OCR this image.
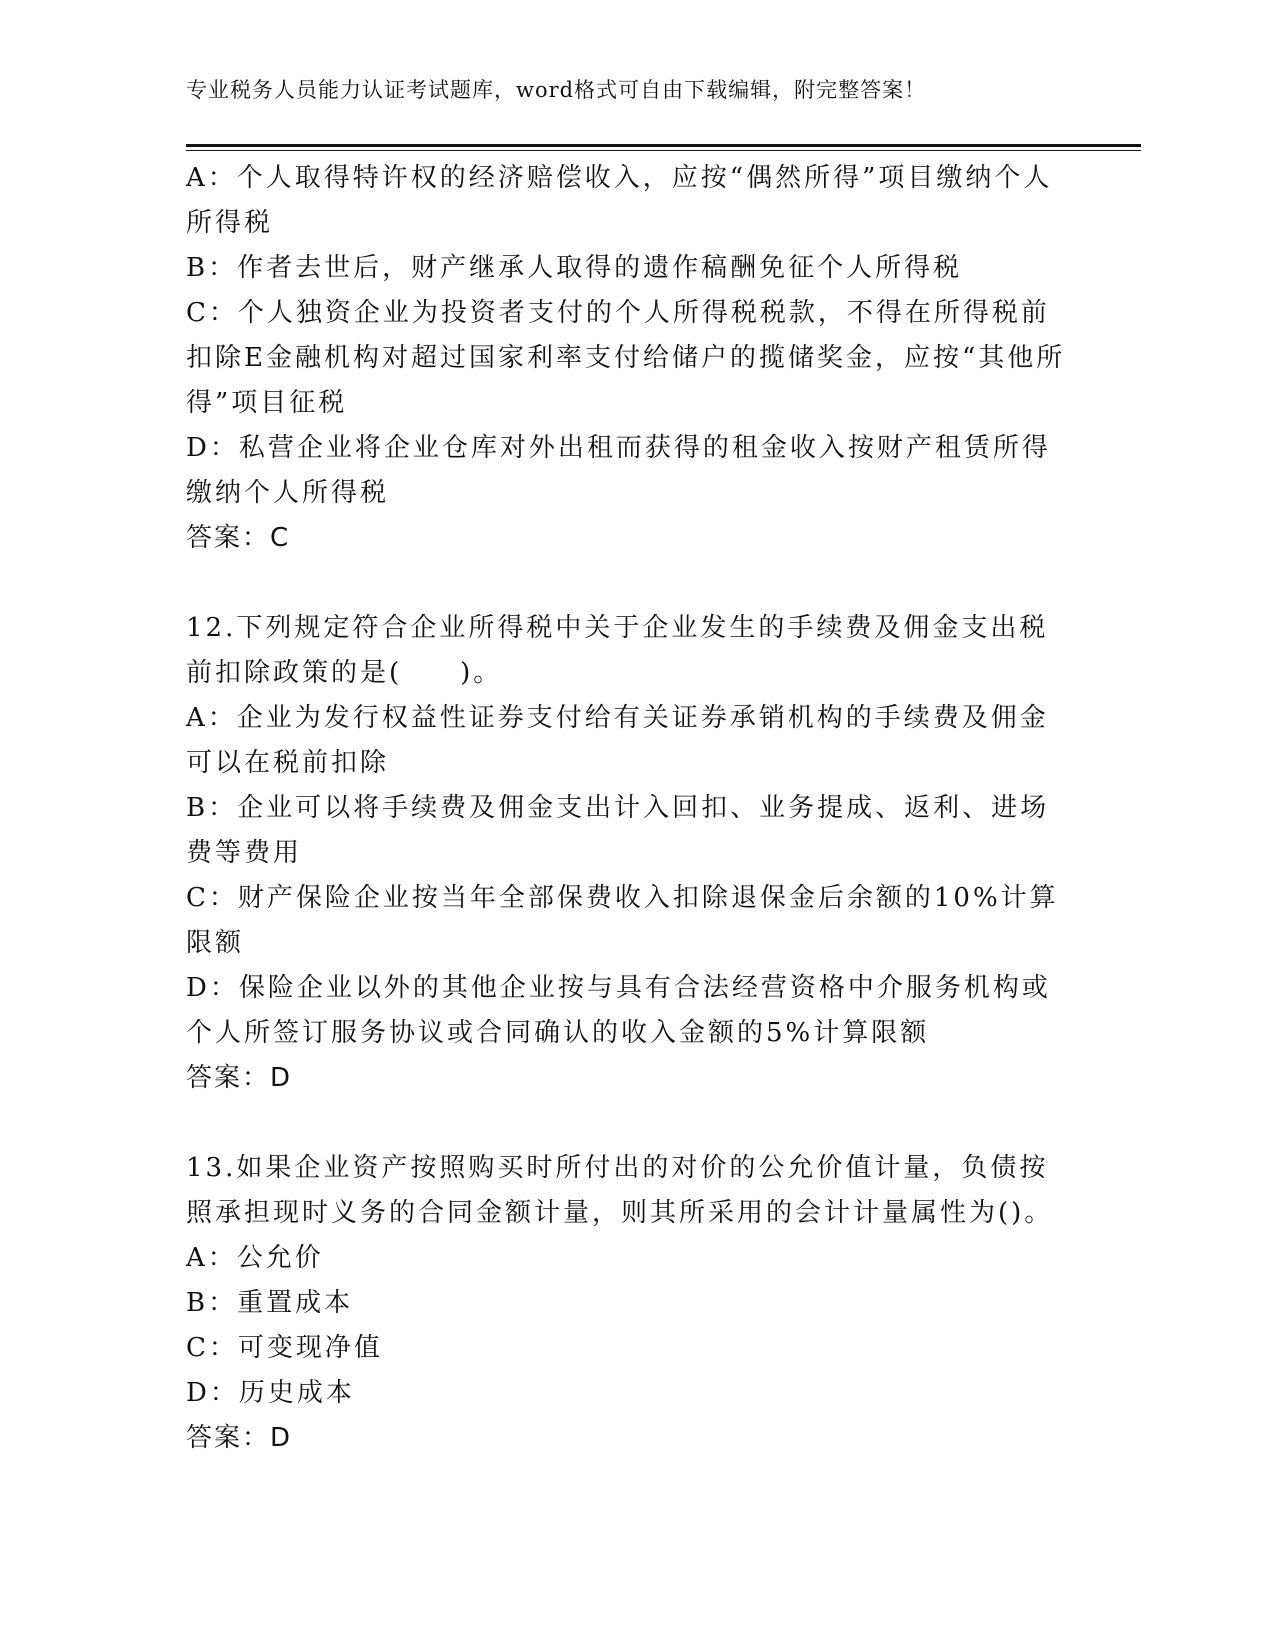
专业税务人员能力认证考试题库，word格式可自由下载编辑，附完整答案！
A：个人取得特许权的经济赔偿收入，应按“偶然所得”项目缴纳个人所得税
B：作者去世后，财产继承人取得的遗作稿酬免征个人所得税
C：个人独资企业为投资者支付的个人所得税税款，不得在所得税前扣除E金融机构对超过国家利率支付给储户的揽储奖金，应按“其他所得”项目征税
D：私营企业将企业仓库对外出租而获得的租金收入按财产租赁所得缴纳个人所得税
答案：C
12.下列规定符合企业所得税中关于企业发生的手续费及佣金支出税前扣除政策的是(　　)。
A：企业为发行权益性证券支付给有关证券承销机构的手续费及佣金可以在税前扣除
B：企业可以将手续费及佣金支出计入回扣、业务提成、返利、进场费等费用
C：财产保险企业按当年全部保费收入扣除退保金后余额的10%计算限额
D：保险企业以外的其他企业按与具有合法经营资格中介服务机构或个人所签订服务协议或合同确认的收入金额的5%计算限额
答案：D
13.如果企业资产按照购买时所付出的对价的公允价值计量，负债按照承担现时义务的合同金额计量，则其所采用的会计计量属性为()。
A：公允价
B：重置成本
C：可变现净值
D：历史成本
答案：D
